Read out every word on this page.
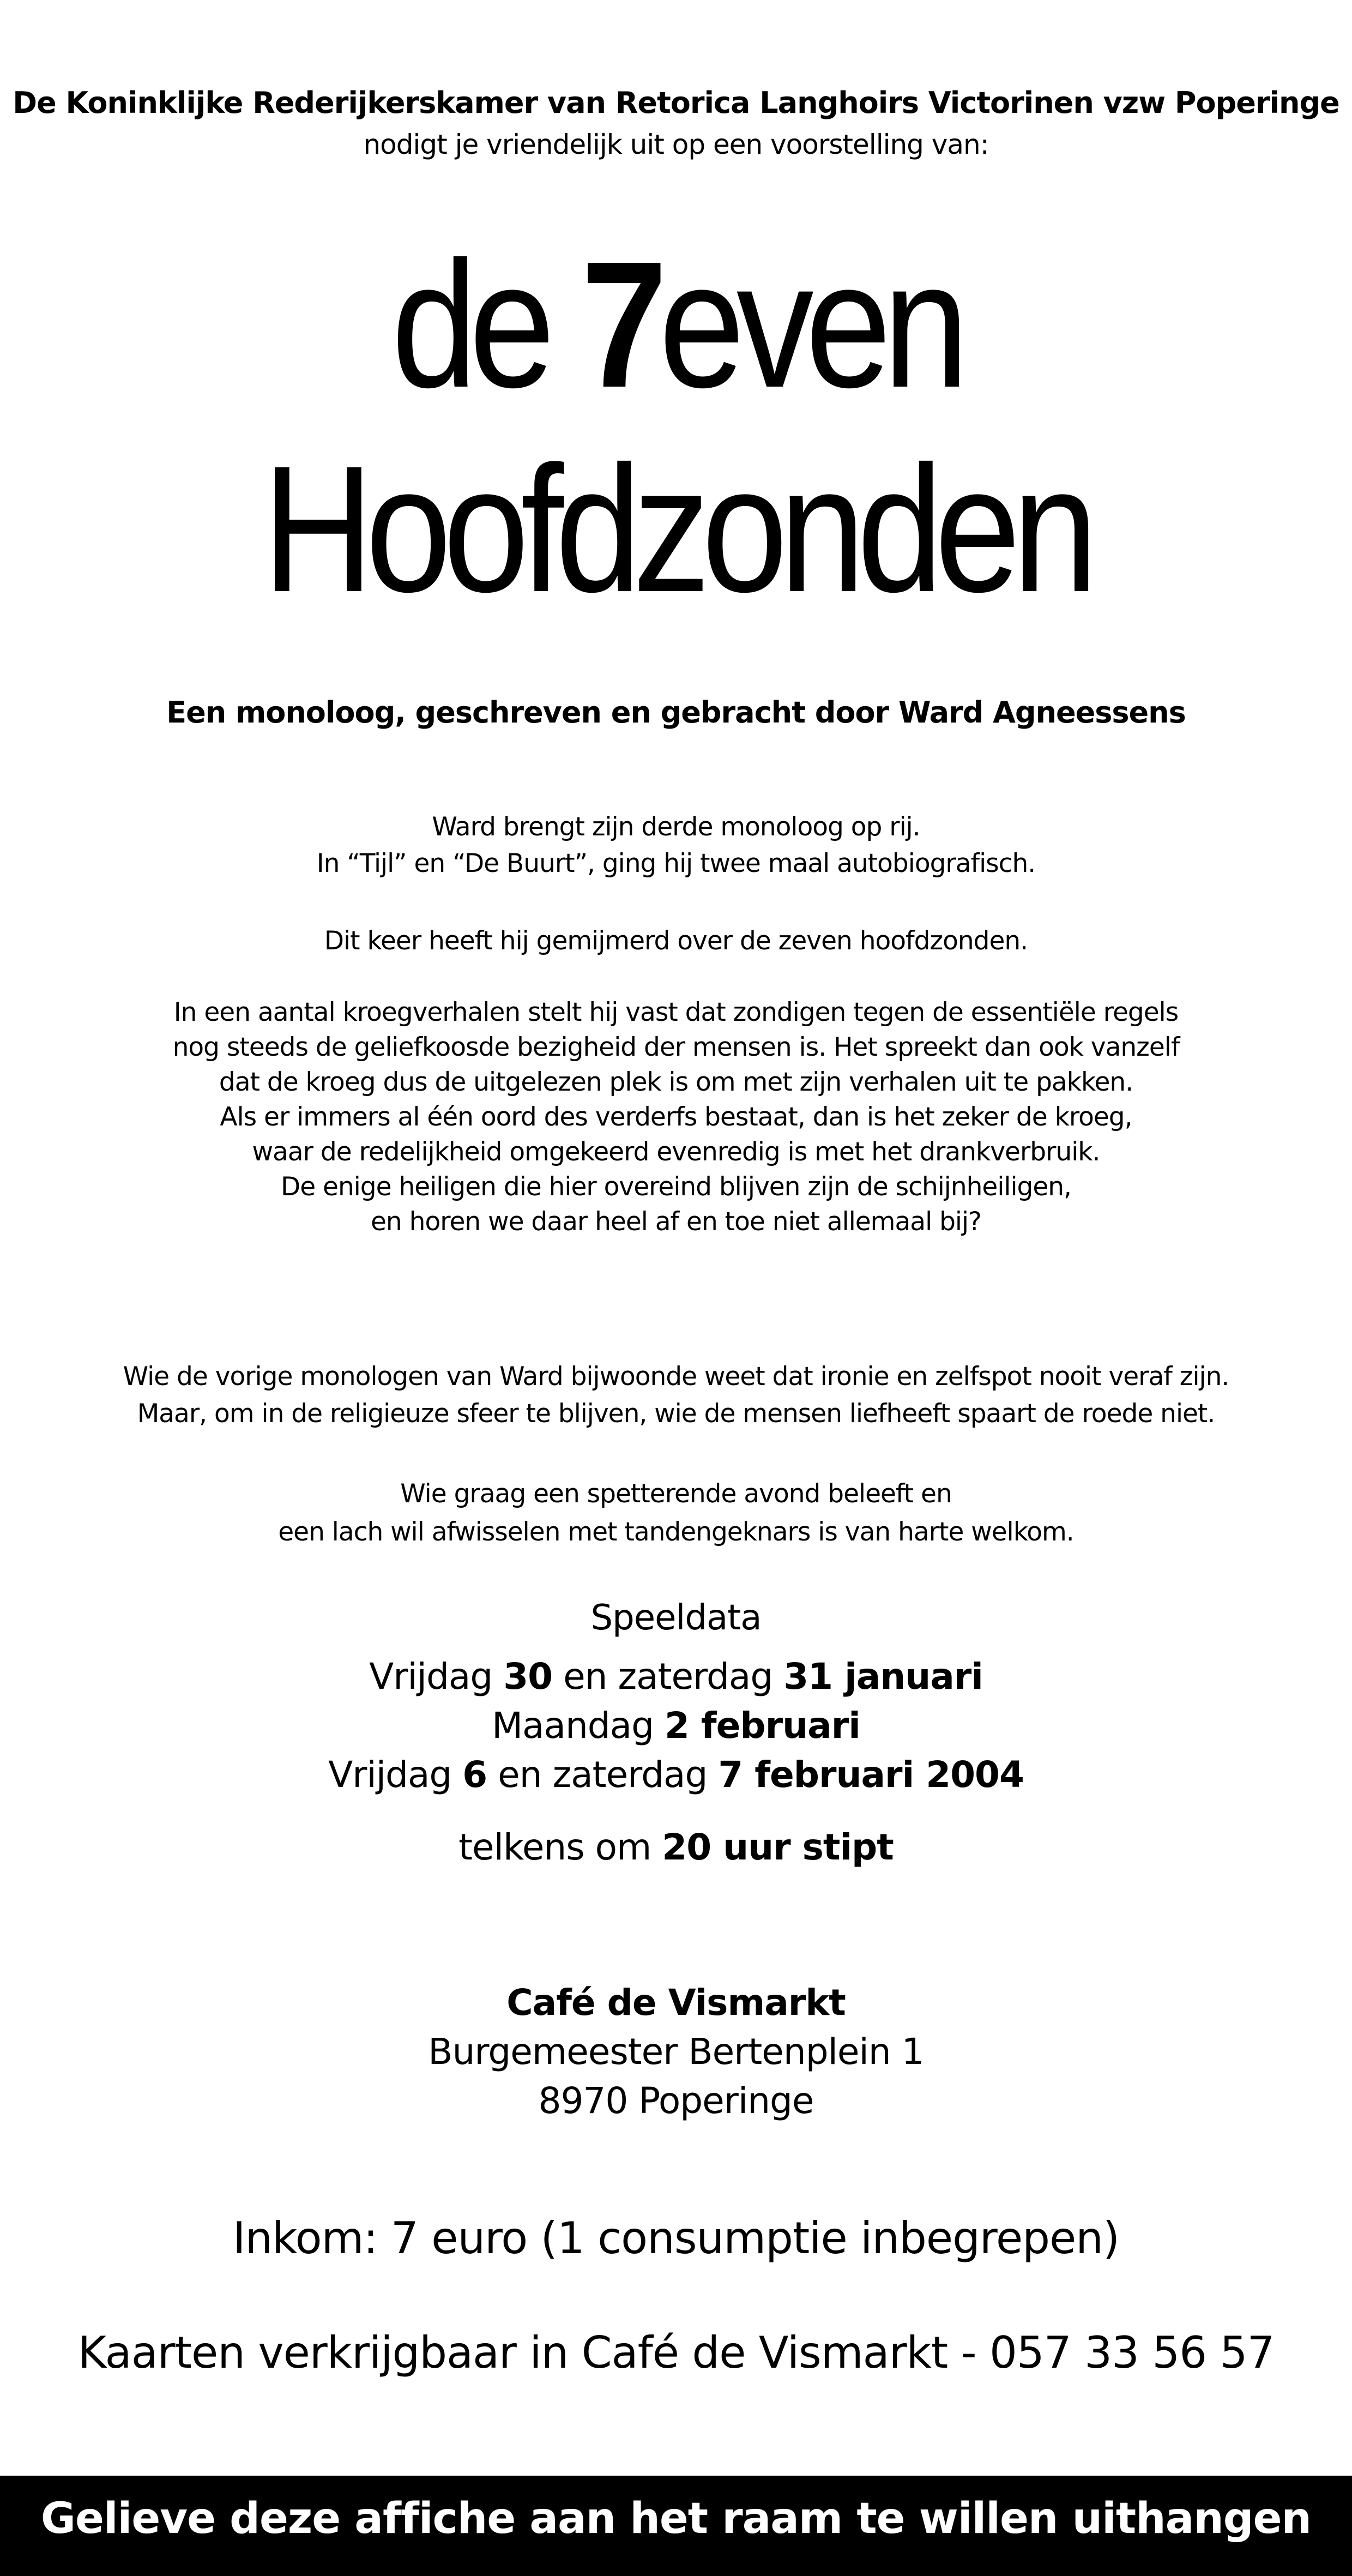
De Koninklijke Rederijkerskamer van Retorica Langhoirs Victorinen vzw Poperinge
nodigt je vriendelijk uit op een voorstelling van:
de 7even
Hoofdzonden
Een monoloog, geschreven en gebracht door Ward Agneessens
Ward brengt zijn derde monoloog op rij.
In “Tijl” en “De Buurt”, ging hij twee maal autobiografisch.
Dit keer heeft hij gemijmerd over de zeven hoofdzonden.
In een aantal kroegverhalen stelt hij vast dat zondigen tegen de essentiële regels
nog steeds de geliefkoosde bezigheid der mensen is. Het spreekt dan ook vanzelf
dat de kroeg dus de uitgelezen plek is om met zijn verhalen uit te pakken.
Als er immers al één oord des verderfs bestaat, dan is het zeker de kroeg,
waar de redelijkheid omgekeerd evenredig is met het drankverbruik.
De enige heiligen die hier overeind blijven zijn de schijnheiligen,
en horen we daar heel af en toe niet allemaal bij?
Wie de vorige monologen van Ward bijwoonde weet dat ironie en zelfspot nooit veraf zijn.
Maar, om in de religieuze sfeer te blijven, wie de mensen liefheeft spaart de roede niet.
Wie graag een spetterende avond beleeft en
een lach wil afwisselen met tandengeknars is van harte welkom.
Speeldata
Vrijdag 30 en zaterdag 31 januari
Maandag 2 februari
Vrijdag 6 en zaterdag 7 februari 2004
telkens om 20 uur stipt
Café de Vismarkt
Burgemeester Bertenplein 1
8970 Poperinge
Inkom: 7 euro (1 consumptie inbegrepen)
Kaarten verkrijgbaar in Café de Vismarkt - 057 33 56 57
Gelieve deze affiche aan het raam te willen uithangen
